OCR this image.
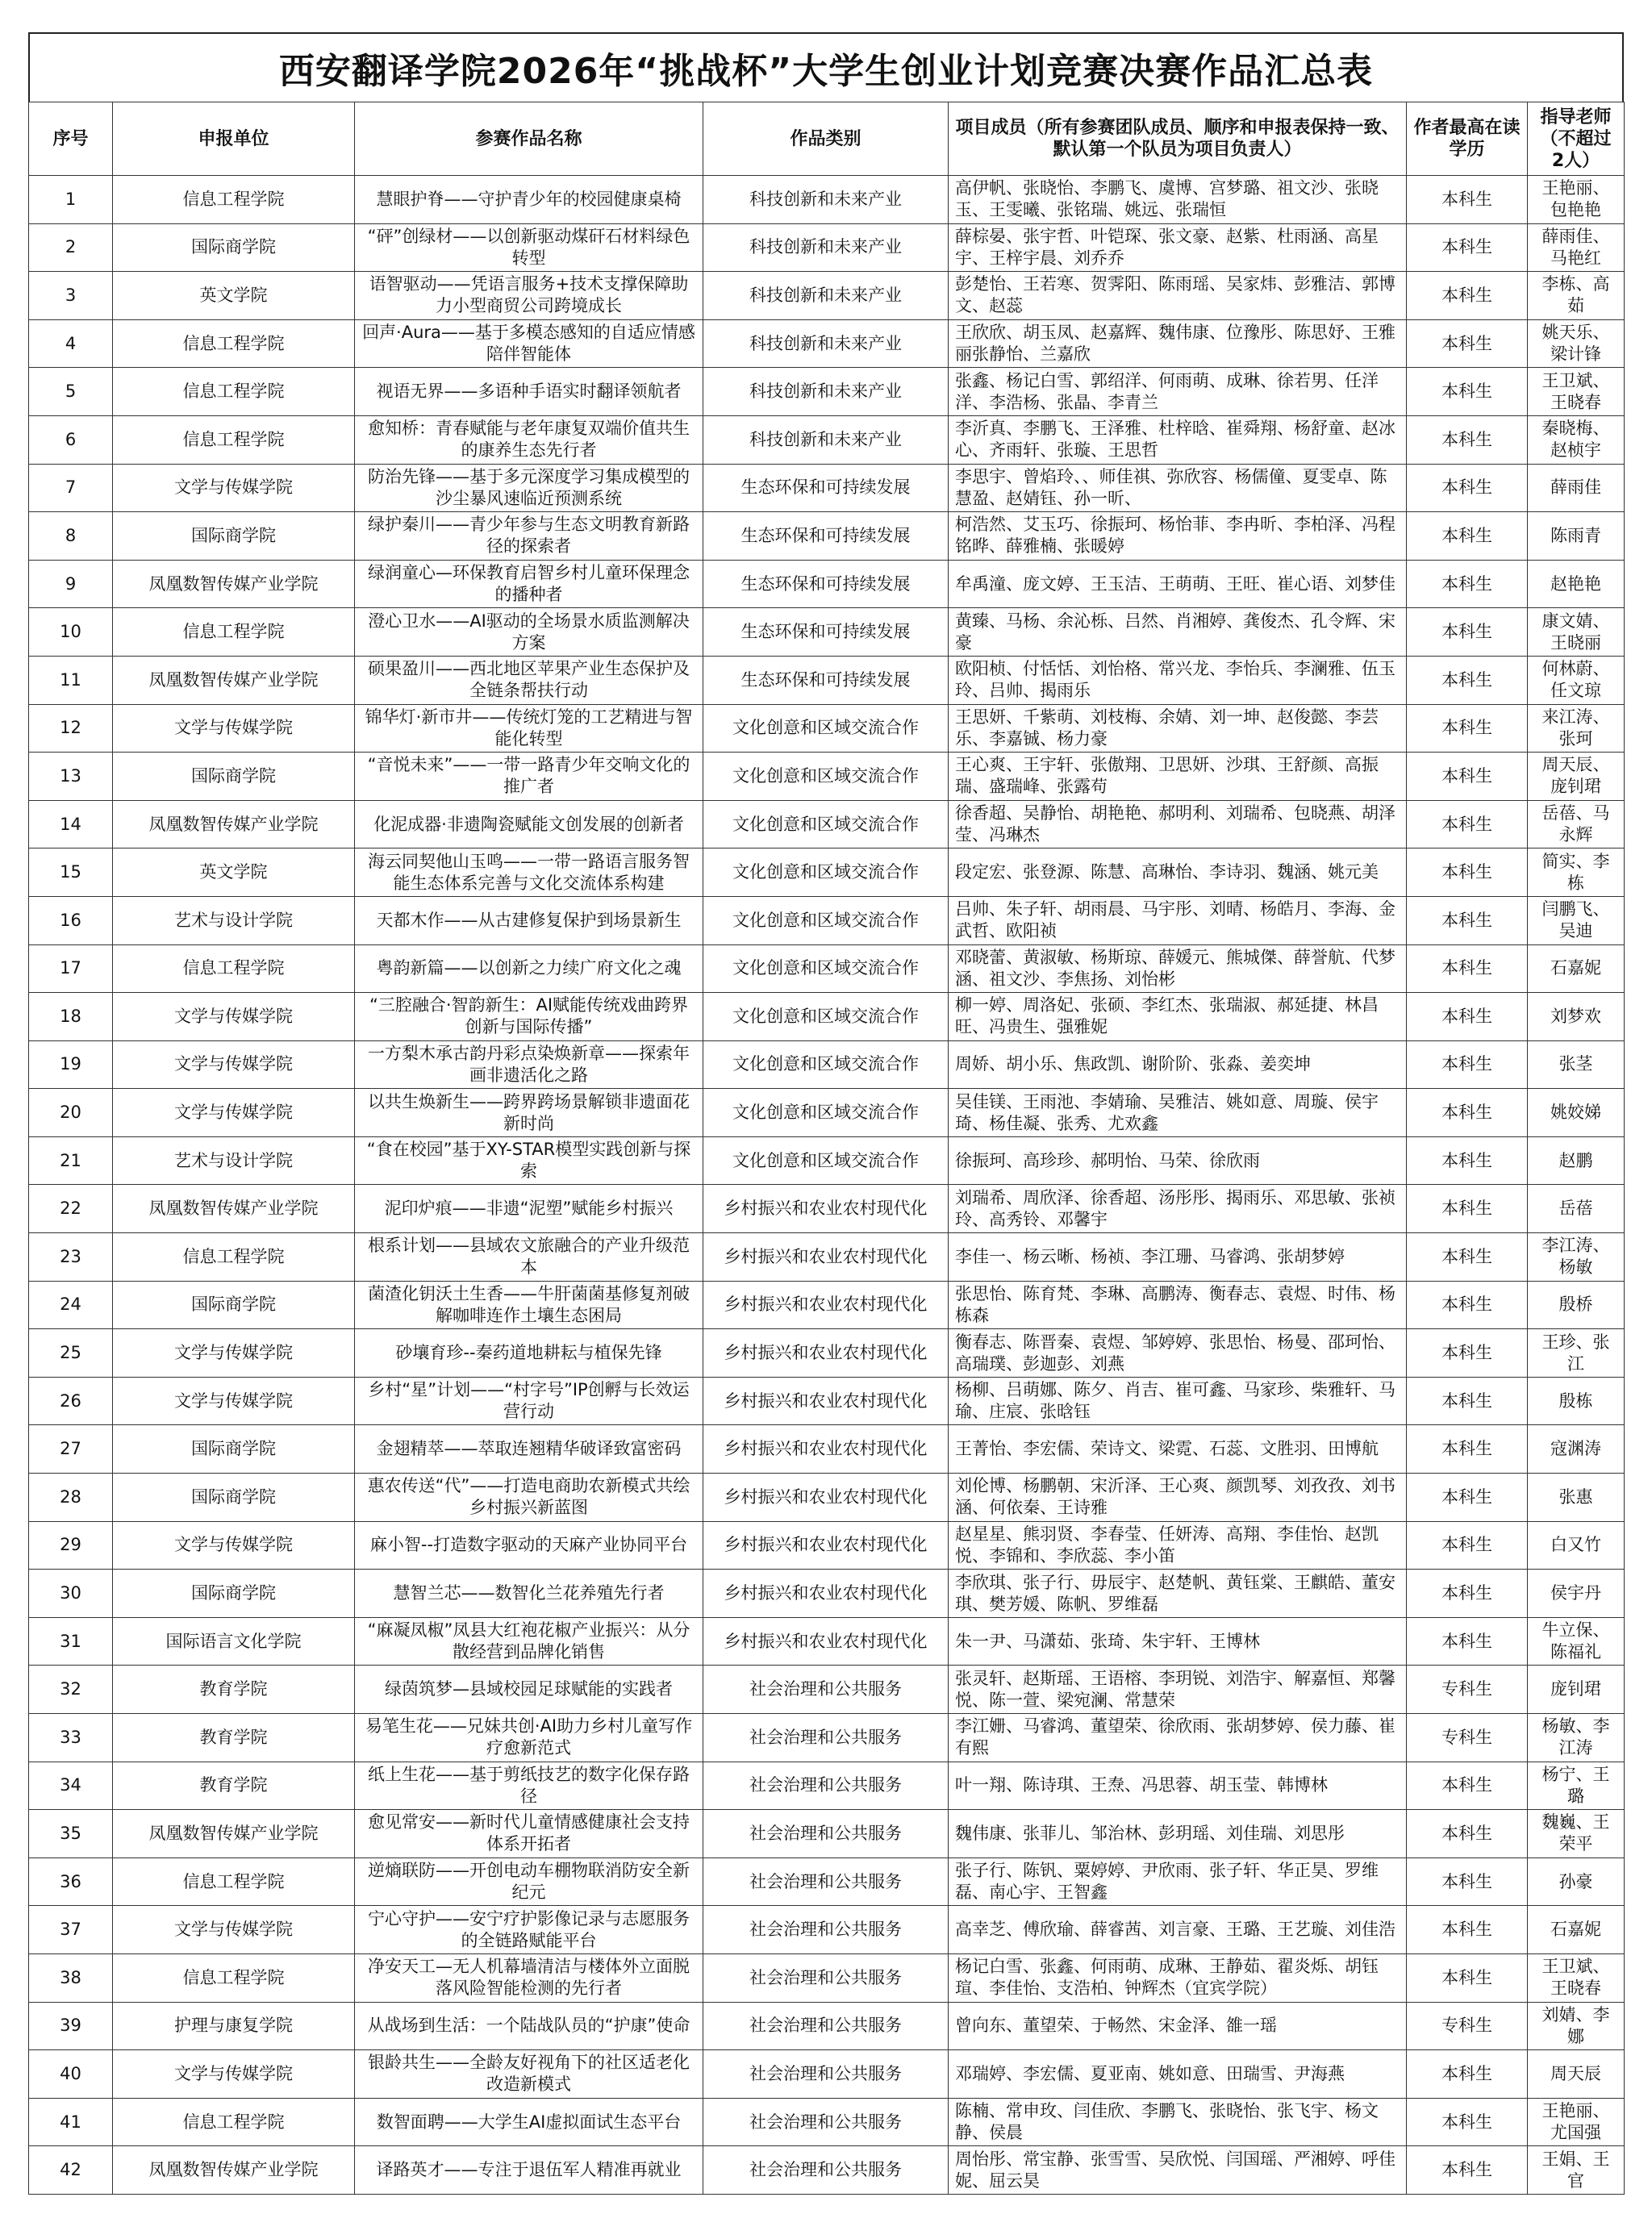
西安翻译学院2026年“挑战杯”大学生创业计划竞赛决赛作品汇总表
序号	申报单位	参赛作品名称	作品类别	项目成员（所有参赛团队成员、顺序和申报表保持一致、默认第一个队员为项目负责人）	作者最高在读学历	指导老师（不超过2人）
1	信息工程学院	慧眼护脊——守护青少年的校园健康桌椅	科技创新和未来产业	高伊帆、张晓怡、李鹏飞、虞博、宫梦璐、祖文沙、张晓玉、王雯曦、张铭瑞、姚远、张瑞恒	本科生	王艳丽、包艳艳
2	国际商学院	“砰”创绿材——以创新驱动煤矸石材料绿色转型	科技创新和未来产业	薛棕晏、张宇哲、叶铠琛、张文豪、赵紫、杜雨涵、高星宇、王梓宇晨、刘乔乔	本科生	薛雨佳、马艳红
3	英文学院	语智驱动——凭语言服务+技术支撑保障助力小型商贸公司跨境成长	科技创新和未来产业	彭楚怡、王若寒、贺霁阳、陈雨瑶、吴家炜、彭雅洁、郭博文、赵蕊	本科生	李栋、高茹
4	信息工程学院	回声·Aura——基于多模态感知的自适应情感陪伴智能体	科技创新和未来产业	王欣欣、胡玉凤、赵嘉辉、魏伟康、位豫彤、陈思妤、王雅丽张静怡、兰嘉欣	本科生	姚天乐、梁计锋
5	信息工程学院	视语无界——多语种手语实时翻译领航者	科技创新和未来产业	张鑫、杨记白雪、郭绍洋、何雨萌、成琳、徐若男、任洋洋、李浩杨、张晶、李青兰	本科生	王卫斌、王晓春
6	信息工程学院	愈知桥：青春赋能与老年康复双端价值共生的康养生态先行者	科技创新和未来产业	李沂真、李鹏飞、王泽雅、杜梓晗、崔舜翔、杨舒童、赵冰心、齐雨轩、张璇、王思哲	本科生	秦晓梅、赵桢宇
7	文学与传媒学院	防治先锋——基于多元深度学习集成模型的沙尘暴风速临近预测系统	生态环保和可持续发展	李思宇、曾焰玲、、师佳祺、弥欣容、杨儒僮、夏雯卓、陈慧盈、赵婧钰、孙一昕、	本科生	薛雨佳
8	国际商学院	绿护秦川——青少年参与生态文明教育新路径的探索者	生态环保和可持续发展	柯浩然、艾玉巧、徐振珂、杨怡菲、李冉昕、李柏泽、冯程铭晔、薛雅楠、张暖婷	本科生	陈雨青
9	凤凰数智传媒产业学院	绿润童心—环保教育启智乡村儿童环保理念的播种者	生态环保和可持续发展	牟禹潼、庞文婷、王玉洁、王萌萌、王旺、崔心语、刘梦佳	本科生	赵艳艳
10	信息工程学院	澄心卫水——AI驱动的全场景水质监测解决方案	生态环保和可持续发展	黄臻、马杨、余沁栎、吕然、肖湘婷、龚俊杰、孔令辉、宋豪	本科生	康文婧、王晓丽
11	凤凰数智传媒产业学院	硕果盈川——西北地区苹果产业生态保护及全链条帮扶行动	生态环保和可持续发展	欧阳桢、付恬恬、刘怡格、常兴龙、李怡兵、李澜雅、伍玉玲、吕帅、揭雨乐	本科生	何林蔚、任文琼
12	文学与传媒学院	锦华灯·新市井——传统灯笼的工艺精进与智能化转型	文化创意和区域交流合作	王思妍、千紫萌、刘枝梅、余婧、刘一坤、赵俊懿、李芸乐、李嘉铖、杨力豪	本科生	来江涛、张珂
13	国际商学院	“音悦未来”——一带一路青少年交响文化的推广者	文化创意和区域交流合作	王心爽、王宇轩、张傲翔、卫思妍、沙琪、王舒颜、高振瑞、盛瑞峰、张露苟	本科生	周天辰、庞钊珺
14	凤凰数智传媒产业学院	化泥成器·非遗陶瓷赋能文创发展的创新者	文化创意和区域交流合作	徐香超、吴静怡、胡艳艳、郝明利、刘瑞希、包晓燕、胡泽莹、冯琳杰	本科生	岳蓓、马永辉
15	英文学院	海云同契他山玉鸣——一带一路语言服务智能生态体系完善与文化交流体系构建	文化创意和区域交流合作	段定宏、张登源、陈慧、高琳怡、李诗羽、魏涵、姚元美	本科生	简实、李栋
16	艺术与设计学院	天都木作——从古建修复保护到场景新生	文化创意和区域交流合作	吕帅、朱子轩、胡雨晨、马宇彤、刘晴、杨皓月、李海、金武哲、欧阳祯	本科生	闫鹏飞、吴迪
17	信息工程学院	粤韵新篇——以创新之力续广府文化之魂	文化创意和区域交流合作	邓晓蕾、黄淑敏、杨斯琼、薛媛元、熊城傑、薛誉航、代梦涵、祖文沙、李焦扬、刘怡彬	本科生	石嘉妮
18	文学与传媒学院	“三腔融合·智韵新生：AI赋能传统戏曲跨界创新与国际传播”	文化创意和区域交流合作	柳一婷、周洛妃、张硕、李红杰、张瑞淑、郝延捷、林昌旺、冯贵生、强雅妮	本科生	刘梦欢
19	文学与传媒学院	一方梨木承古韵丹彩点染焕新章——探索年画非遗活化之路	文化创意和区域交流合作	周娇、胡小乐、焦政凯、谢阶阶、张淼、姜奕坤	本科生	张茎
20	文学与传媒学院	以共生焕新生——跨界跨场景解锁非遗面花新时尚	文化创意和区域交流合作	吴佳镁、王雨池、李婧瑜、吴雅洁、姚如意、周璇、侯宇琦、杨佳凝、张秀、尤欢鑫	本科生	姚姣娣
21	艺术与设计学院	“食在校园”基于XY-STAR模型实践创新与探索	文化创意和区域交流合作	徐振珂、高珍珍、郝明怡、马荣、徐欣雨	本科生	赵鹏
22	凤凰数智传媒产业学院	泥印炉痕——非遗“泥塑”赋能乡村振兴	乡村振兴和农业农村现代化	刘瑞希、周欣泽、徐香超、汤彤彤、揭雨乐、邓思敏、张祯玲、高秀铃、邓馨宇	本科生	岳蓓
23	信息工程学院	根系计划——县域农文旅融合的产业升级范本	乡村振兴和农业农村现代化	李佳一、杨云晰、杨祯、李江珊、马睿鸿、张胡梦婷	本科生	李江涛、杨敏
24	国际商学院	菌渣化钥沃土生香——牛肝菌菌基修复剂破解咖啡连作土壤生态困局	乡村振兴和农业农村现代化	张思怡、陈育梵、李琳、高鹏涛、衡春志、袁煜、时伟、杨栋森	本科生	殷桥
25	文学与传媒学院	砂壤育珍--秦药道地耕耘与植保先锋	乡村振兴和农业农村现代化	衡春志、陈晋秦、袁煜、邹婷婷、张思怡、杨曼、邵珂怡、高瑞璞、彭迦彭、刘燕	本科生	王珍、张江
26	文学与传媒学院	乡村“星”计划——“村字号”IP创孵与长效运营行动	乡村振兴和农业农村现代化	杨柳、吕萌娜、陈夕、肖吉、崔可鑫、马家珍、柴雅轩、马瑜、庄宸、张晗钰	本科生	殷栋
27	国际商学院	金翅精萃——萃取连翘精华破译致富密码	乡村振兴和农业农村现代化	王菁怡、李宏儒、荣诗文、梁霓、石蕊、文胜羽、田博航	本科生	寇渊涛
28	国际商学院	惠农传送“代”——打造电商助农新模式共绘乡村振兴新蓝图	乡村振兴和农业农村现代化	刘伦博、杨鹏朝、宋沂泽、王心爽、颜凯琴、刘孜孜、刘书涵、何依秦、王诗雅	本科生	张惠
29	文学与传媒学院	麻小智--打造数字驱动的天麻产业协同平台	乡村振兴和农业农村现代化	赵星星、熊羽贤、李春莹、任妍涛、高翔、李佳怡、赵凯悦、李锦和、李欣蕊、李小笛	本科生	白又竹
30	国际商学院	慧智兰芯——数智化兰花养殖先行者	乡村振兴和农业农村现代化	李欣琪、张子行、毋辰宇、赵楚帆、黄钰棠、王麒皓、董安琪、樊芳媛、陈帆、罗维磊	本科生	侯宇丹
31	国际语言文化学院	“麻凝凤椒”凤县大红袍花椒产业振兴：从分散经营到品牌化销售	乡村振兴和农业农村现代化	朱一尹、马潇茹、张琦、朱宇轩、王博林	本科生	牛立保、陈福礼
32	教育学院	绿茵筑梦—县域校园足球赋能的实践者	社会治理和公共服务	张灵轩、赵斯瑶、王语榕、李玥锐、刘浩宇、解嘉恒、郑馨悦、陈一萱、梁宛澜、常慧荣	专科生	庞钊珺
33	教育学院	易笔生花——兄妹共创·AI助力乡村儿童写作疗愈新范式	社会治理和公共服务	李江姗、马睿鸿、董望荣、徐欣雨、张胡梦婷、侯力藤、崔有熙	专科生	杨敏、李江涛
34	教育学院	纸上生花——基于剪纸技艺的数字化保存路径	社会治理和公共服务	叶一翔、陈诗琪、王焘、冯思蓉、胡玉莹、韩博林	本科生	杨宁、王璐
35	凤凰数智传媒产业学院	愈见常安——新时代儿童情感健康社会支持体系开拓者	社会治理和公共服务	魏伟康、张菲儿、邹治林、彭玥瑶、刘佳瑞、刘思彤	本科生	魏巍、王荣平
36	信息工程学院	逆熵联防——开创电动车棚物联消防安全新纪元	社会治理和公共服务	张子行、陈钒、粟婷婷、尹欣雨、张子轩、华正昊、罗维磊、南心宇、王智鑫	本科生	孙豪
37	文学与传媒学院	宁心守护——安宁疗护影像记录与志愿服务的全链路赋能平台	社会治理和公共服务	高幸芝、傅欣瑜、薛睿茜、刘言豪、王璐、王艺璇、刘佳浩	本科生	石嘉妮
38	信息工程学院	净安天工—无人机幕墙清洁与楼体外立面脱落风险智能检测的先行者	社会治理和公共服务	杨记白雪、张鑫、何雨萌、成琳、王静茹、翟炎烁、胡钰瑄、李佳怡、支浩柏、钟辉杰（宜宾学院）	本科生	王卫斌、王晓春
39	护理与康复学院	从战场到生活：一个陆战队员的“护康”使命	社会治理和公共服务	曾向东、董望荣、于畅然、宋金泽、雒一瑶	专科生	刘婧、李娜
40	文学与传媒学院	银龄共生——全龄友好视角下的社区适老化改造新模式	社会治理和公共服务	邓瑞婷、李宏儒、夏亚南、姚如意、田瑞雪、尹海燕	本科生	周天辰
41	信息工程学院	数智面聘——大学生AI虚拟面试生态平台	社会治理和公共服务	陈楠、常申玫、闫佳欣、李鹏飞、张晓怡、张飞宇、杨文静、侯晨	本科生	王艳丽、尤国强
42	凤凰数智传媒产业学院	译路英才——专注于退伍军人精准再就业	社会治理和公共服务	周怡彤、常宝静、张雪雪、吴欣悦、闫国瑶、严湘婷、呼佳妮、屈云昊	本科生	王娟、王官
